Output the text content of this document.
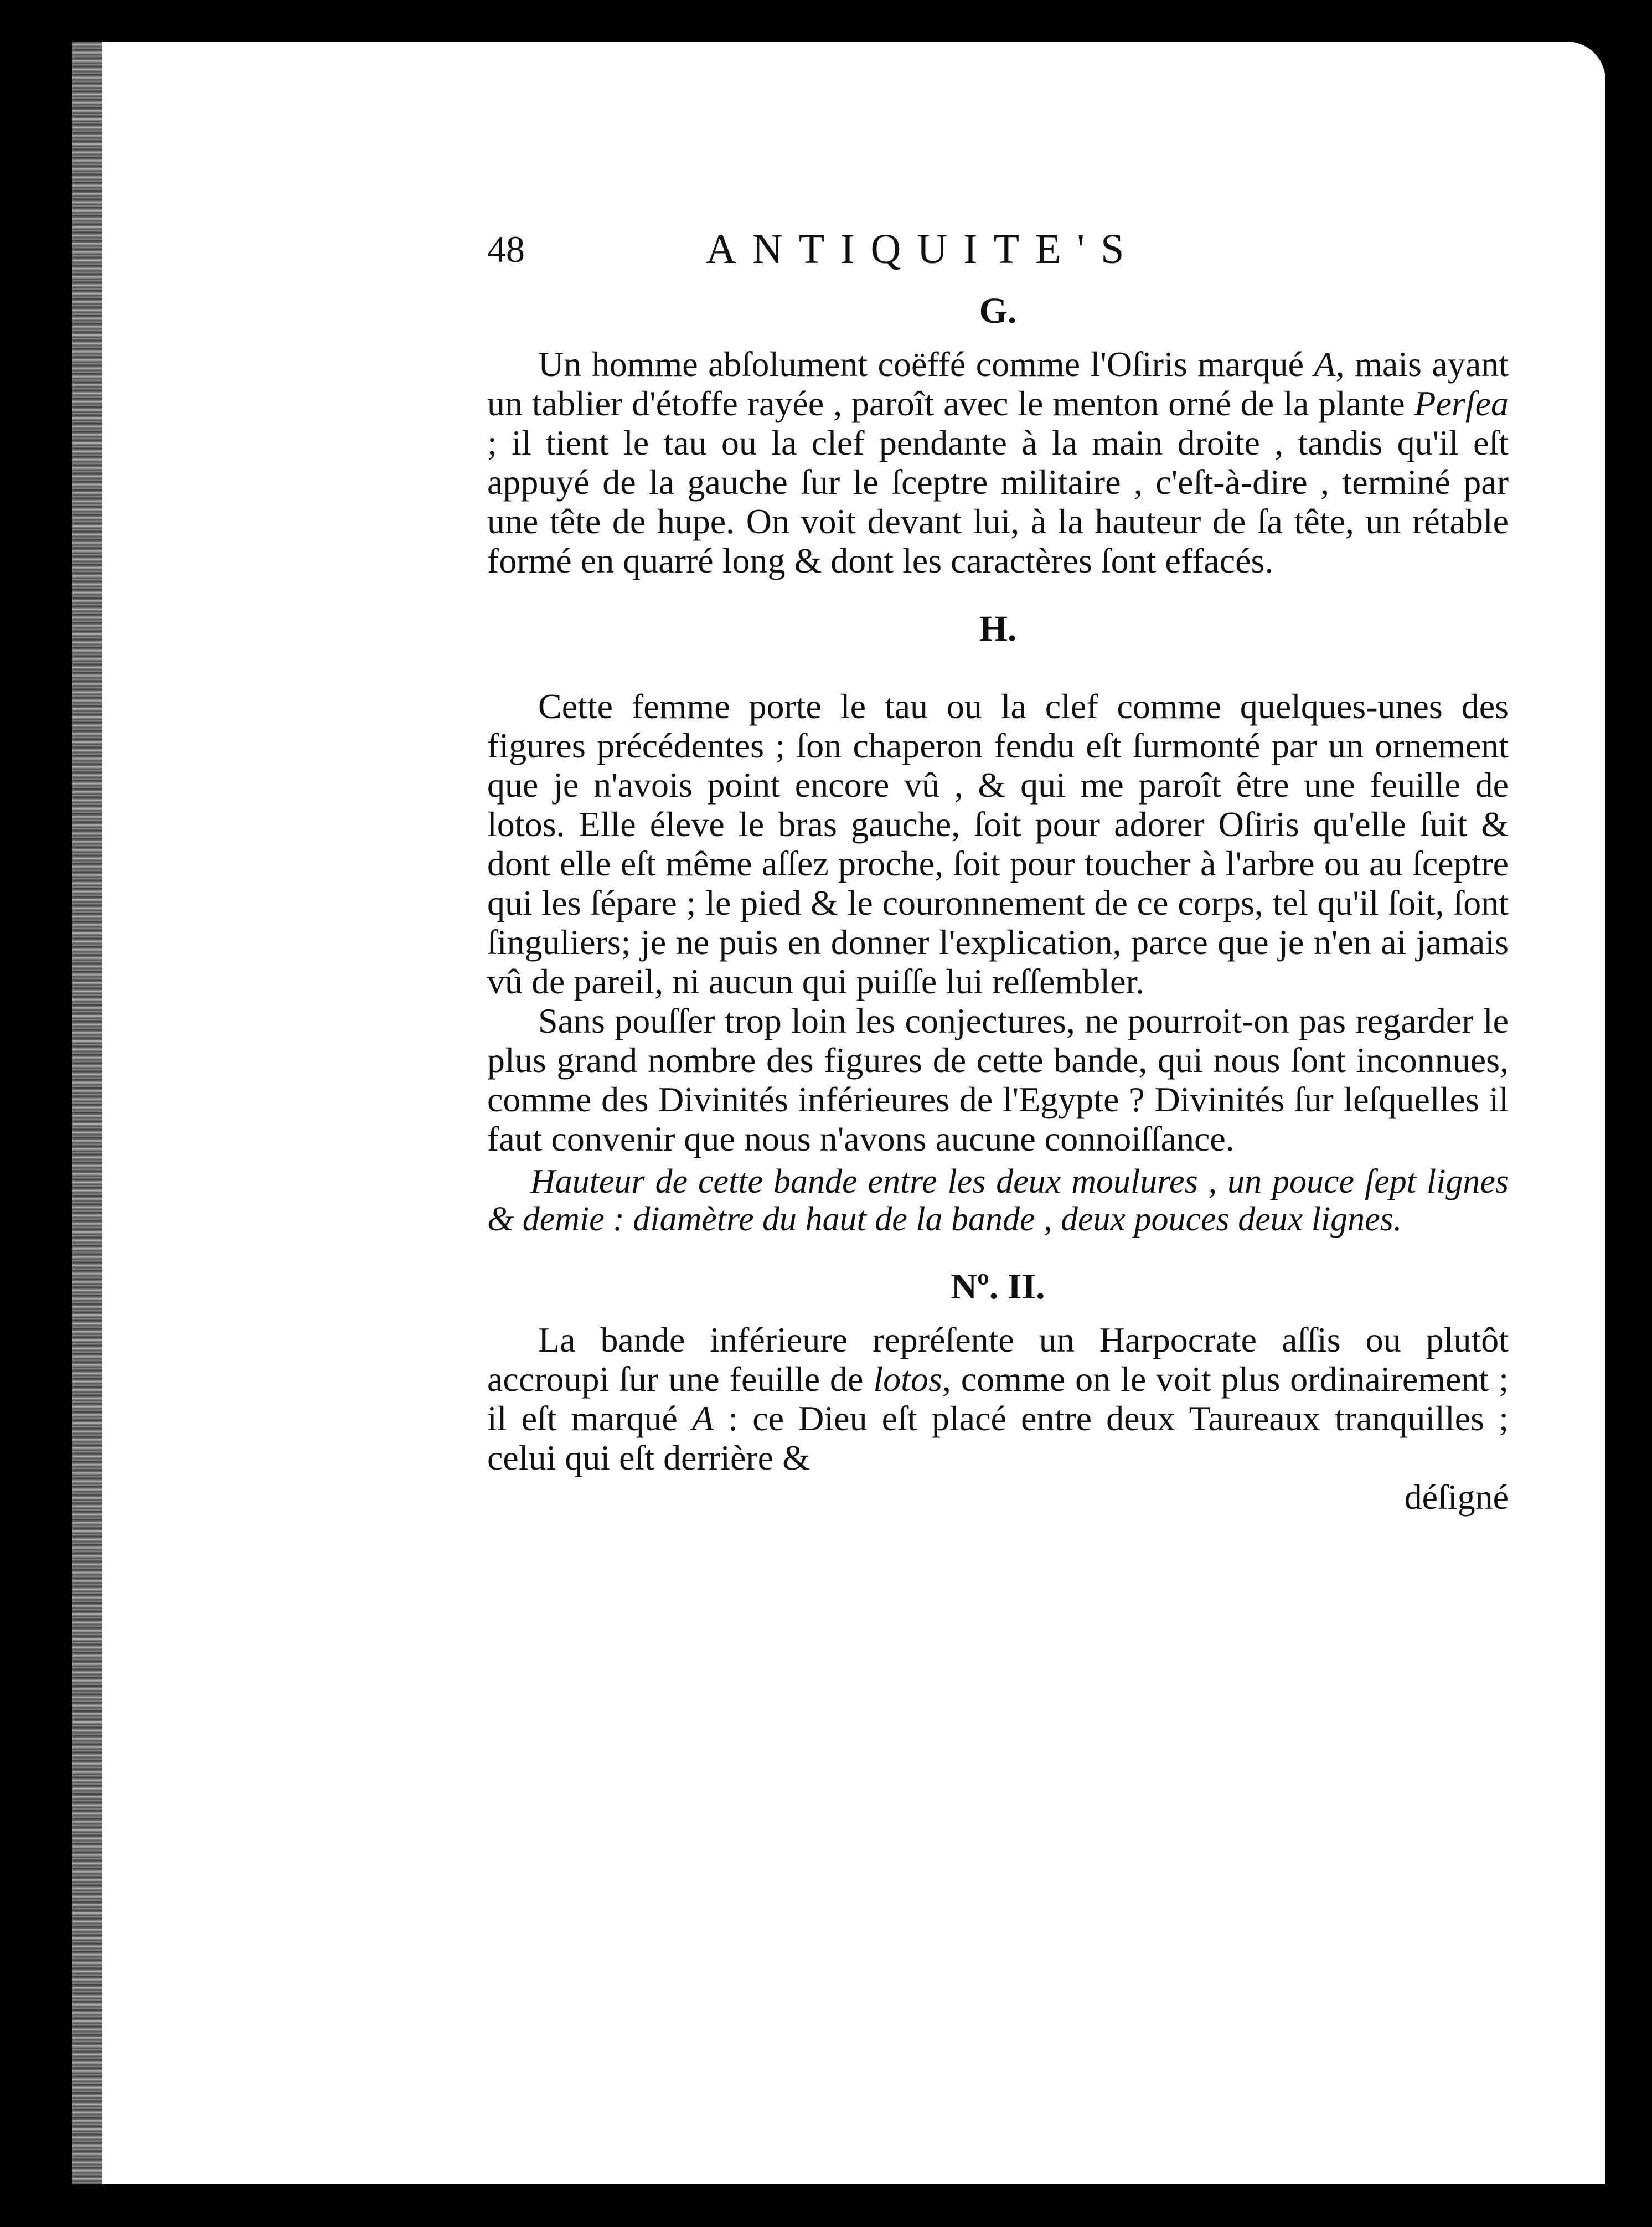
48	ANTIQUITE'S
G.

Un homme abſolument coëffé comme l'Oſiris marqué A, mais ayant un tablier d'étoffe rayée , paroît avec le menton orné de la plante Perſea ; il tient le tau ou la clef pendante à la main droite , tandis qu'il eſt appuyé de la gauche ſur le ſceptre militaire , c'eſt-à-dire , terminé par une tête de hupe. On voit devant lui, à la hauteur de ſa tête, un rétable formé en quarré long & dont les caractères ſont effacés.

H.

Cette femme porte le tau ou la clef comme quelques-unes des figures précédentes ; ſon chaperon fendu eſt ſurmonté par un ornement que je n'avois point encore vû , & qui me paroît être une feuille de lotos. Elle éleve le bras gauche, ſoit pour adorer Oſiris qu'elle ſuit & dont elle eſt même aſſez proche, ſoit pour toucher à l'arbre ou au ſceptre qui les ſépare ; le pied & le couronnement de ce corps, tel qu'il ſoit, ſont ſinguliers; je ne puis en donner l'explication, parce que je n'en ai jamais vû de pareil, ni aucun qui puiſſe lui reſſembler.

Sans pouſſer trop loin les conjectures, ne pourroit-on pas regarder le plus grand nombre des figures de cette bande, qui nous ſont inconnues, comme des Divinités inférieures de l'Egypte ? Divinités ſur leſquelles il faut convenir que nous n'avons aucune connoiſſance.

Hauteur de cette bande entre les deux moulures , un pouce ſept lignes & demie : diamètre du haut de la bande , deux pouces deux lignes.

Nº. II.

La bande inférieure repréſente un Harpocrate aſſis ou plutôt accroupi ſur une feuille de lotos, comme on le voit plus ordinairement ; il eſt marqué A : ce Dieu eſt placé entre deux Taureaux tranquilles ; celui qui eſt derrière &

déſigné
